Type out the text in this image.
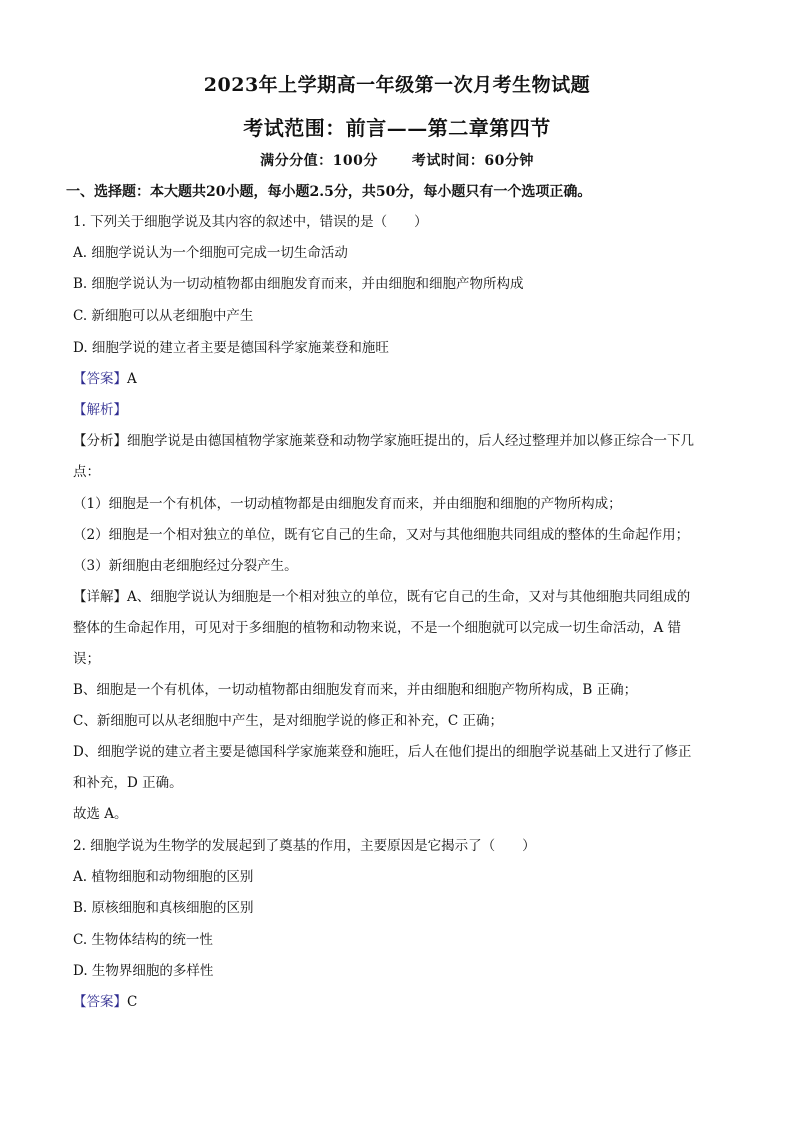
2023年上学期高一年级第一次月考生物试题
考试范围：前言——第二章第四节
满分分值：100分 考试时间：60分钟
一、选择题：本大题共20小题，每小题2.5分，共50分，每小题只有一个选项正确。
1. 下列关于细胞学说及其内容的叙述中，错误的是（　　）
A. 细胞学说认为一个细胞可完成一切生命活动
B. 细胞学说认为一切动植物都由细胞发育而来，并由细胞和细胞产物所构成
C. 新细胞可以从老细胞中产生
D. 细胞学说的建立者主要是德国科学家施莱登和施旺
【答案】A
【解析】
【分析】细胞学说是由德国植物学家施莱登和动物学家施旺提出的，后人经过整理并加以修正综合一下几
点：
（1）细胞是一个有机体，一切动植物都是由细胞发育而来，并由细胞和细胞的产物所构成；
（2）细胞是一个相对独立的单位，既有它自己的生命，又对与其他细胞共同组成的整体的生命起作用；
（3）新细胞由老细胞经过分裂产生。
【详解】A、细胞学说认为细胞是一个相对独立的单位，既有它自己的生命，又对与其他细胞共同组成的
整体的生命起作用，可见对于多细胞的植物和动物来说，不是一个细胞就可以完成一切生命活动，A 错
误；
B、细胞是一个有机体，一切动植物都由细胞发育而来，并由细胞和细胞产物所构成，B 正确；
C、新细胞可以从老细胞中产生，是对细胞学说的修正和补充，C 正确；
D、细胞学说的建立者主要是德国科学家施莱登和施旺，后人在他们提出的细胞学说基础上又进行了修正
和补充，D 正确。
故选 A。
2. 细胞学说为生物学的发展起到了奠基的作用，主要原因是它揭示了（　　）
A. 植物细胞和动物细胞的区别
B. 原核细胞和真核细胞的区别
C. 生物体结构的统一性
D. 生物界细胞的多样性
【答案】C
